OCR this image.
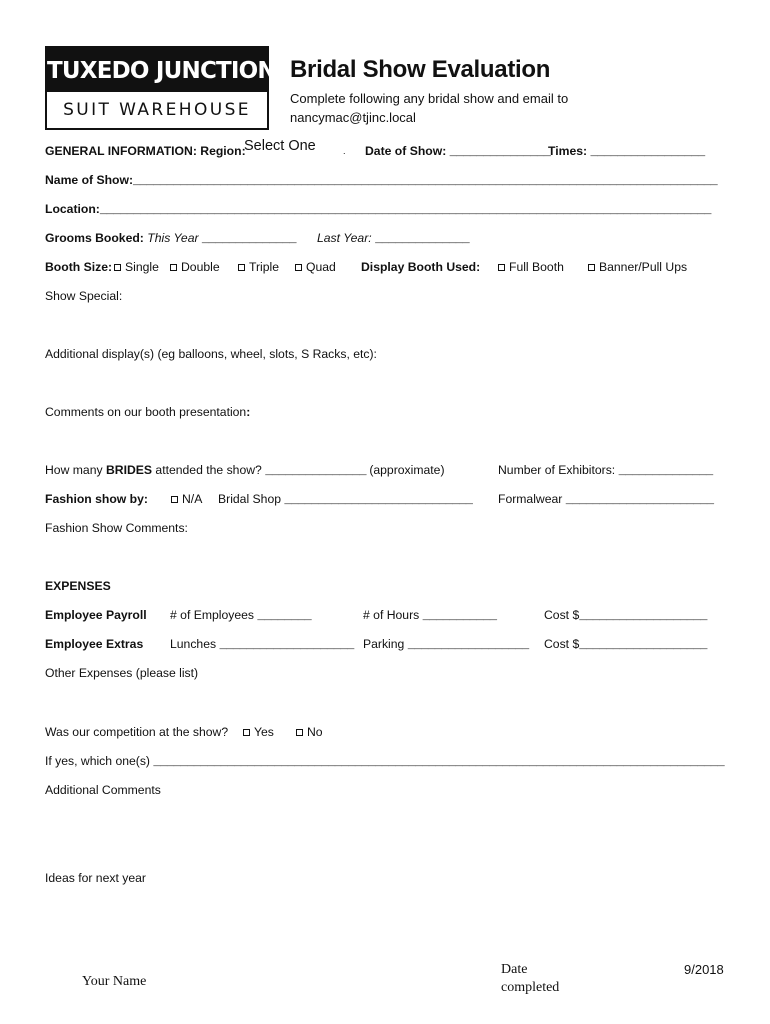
TUXEDO JUNCTION
SUIT WAREHOUSE
Bridal Show Evaluation
Complete following any bridal show and email to
nancymac@tjinc.local
GENERAL INFORMATION: Region:
Select One	. Date of Show: _______________
Times: _________________
Name of Show:_______________________________________________________________________________________
Location:___________________________________________________________________________________________
Grooms Booked: This Year ______________ Last Year: ______________
Booth Size:	Single	Double	Triple	Quad Display Booth Used:	Full Booth	Banner/Pull Ups
Show Special:
Additional display(s) (eg balloons, wheel, slots, S Racks, etc):
Comments on our booth presentation:
How many BRIDES attended the show? _______________ (approximate)	Number of Exhibitors: ______________
Fashion show by:	N/A Bridal Shop ____________________________ Formalwear ______________________
Fashion Show Comments:
EXPENSES
Employee Payroll # of Employees ________	# of Hours ___________	Cost $___________________
Employee Extras Lunches ____________________ Parking __________________ Cost $___________________
Other Expenses (please list)
Was our competition at the show?	Yes	No
If yes, which one(s) _____________________________________________________________________________________
Additional Comments
Ideas for next year
Your Name
Date
completed
9/2018
